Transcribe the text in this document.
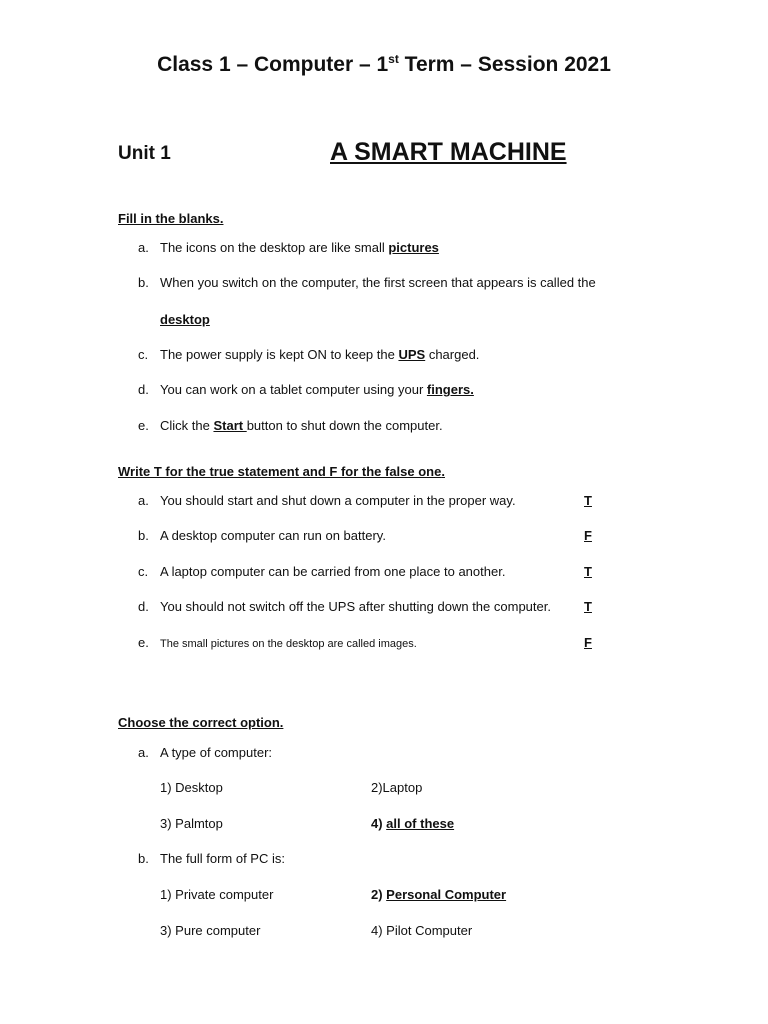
Class 1 – Computer – 1st Term – Session 2021
Unit 1	A SMART MACHINE
Fill in the blanks.
a. The icons on the desktop are like small pictures
b. When you switch on the computer, the first screen that appears is called the
desktop
c. The power supply is kept ON to keep the UPS charged.
d. You can work on a tablet computer using your fingers.
e. Click the Start button to shut down the computer.
Write T for the true statement and F for the false one.
a. You should start and shut down a computer in the proper way.	T
b. A desktop computer can run on battery.	F
c. A laptop computer can be carried from one place to another.	T
d. You should not switch off the UPS after shutting down the computer.	T
e. The small pictures on the desktop are called images.	F
Choose the correct option.
a. A type of computer:
1) Desktop	2)Laptop
3) Palmtop	4) all of these
b. The full form of PC is:
1) Private computer	2) Personal Computer
3) Pure computer	4) Pilot Computer
